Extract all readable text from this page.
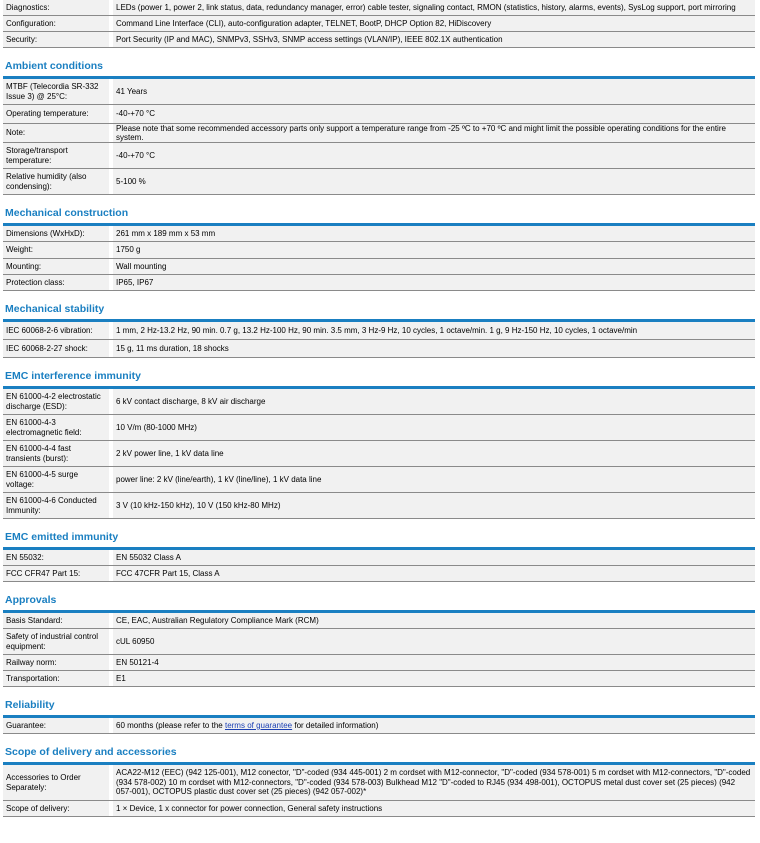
Diagnostics:	LEDs (power 1, power 2, link status, data, redundancy manager, error) cable tester, signaling contact, RMON (statistics, history, alarms, events), SysLog support, port mirroring
Configuration:	Command Line Interface (CLI), auto-configuration adapter, TELNET, BootP, DHCP Option 82, HiDiscovery
Security:	Port Security (IP and MAC), SNMPv3, SSHv3, SNMP access settings (VLAN/IP), IEEE 802.1X authentication
Ambient conditions
MTBF (Telecordia SR-332 Issue 3) @ 25°C:
41 Years
Operating temperature:	-40-+70 °C
Note:
Please note that some recommended accessory parts only support a temperature range from -25 ºC to +70 ºC and might limit the possible operating conditions for the entire system.
Storage/transport temperature:
-40-+70 °C
Relative humidity (also condensing):
5-100 %
Mechanical construction
Dimensions (WxHxD):	261 mm x 189 mm x 53 mm
Weight:	1750 g
Mounting:	Wall mounting
Protection class:	IP65, IP67
Mechanical stability
IEC 60068-2-6 vibration:	1 mm, 2 Hz-13.2 Hz, 90 min. 0.7 g, 13.2 Hz-100 Hz, 90 min. 3.5 mm, 3 Hz-9 Hz, 10 cycles, 1 octave/min. 1 g, 9 Hz-150 Hz, 10 cycles, 1 octave/min
IEC 60068-2-27 shock:	15 g, 11 ms duration, 18 shocks
EMC interference immunity
EN 61000-4-2 electrostatic discharge (ESD):
6 kV contact discharge, 8 kV air discharge
EN 61000-4-3 electromagnetic field:
10 V/m (80-1000 MHz)
EN 61000-4-4 fast transients (burst):
2 kV power line, 1 kV data line
EN 61000-4-5 surge voltage:
power line: 2 kV (line/earth), 1 kV (line/line), 1 kV data line
EN 61000-4-6 Conducted Immunity:
3 V (10 kHz-150 kHz), 10 V (150 kHz-80 MHz)
EMC emitted immunity
EN 55032:	EN 55032 Class A
FCC CFR47 Part 15:	FCC 47CFR Part 15, Class A
Approvals
Basis Standard:	CE, EAC, Australian Regulatory Compliance Mark (RCM)
Safety of industrial control equipment:
cUL 60950
Railway norm:	EN 50121-4
Transportation:	E1
Reliability
Guarantee:	60 months (please refer to the terms of guarantee for detailed information)
Scope of delivery and accessories
Accessories to Order Separately:
ACA22-M12 (EEC) (942 125-001), M12 conector, "D"-coded (934 445-001) 2 m cordset with M12-connector, "D"-coded (934 578-001) 5 m cordset with M12-connectors, "D"-coded (934 578-002) 10 m cordset with M12-connectors, "D"-coded (934 578-003) Bulkhead M12 "D"-coded to RJ45 (934 498-001), OCTOPUS metal dust cover set (25 pieces) (942 057-001), OCTOPUS plastic dust cover set (25 pieces) (942 057-002)*
Scope of delivery:	1 × Device, 1 x connector for power connection, General safety instructions
